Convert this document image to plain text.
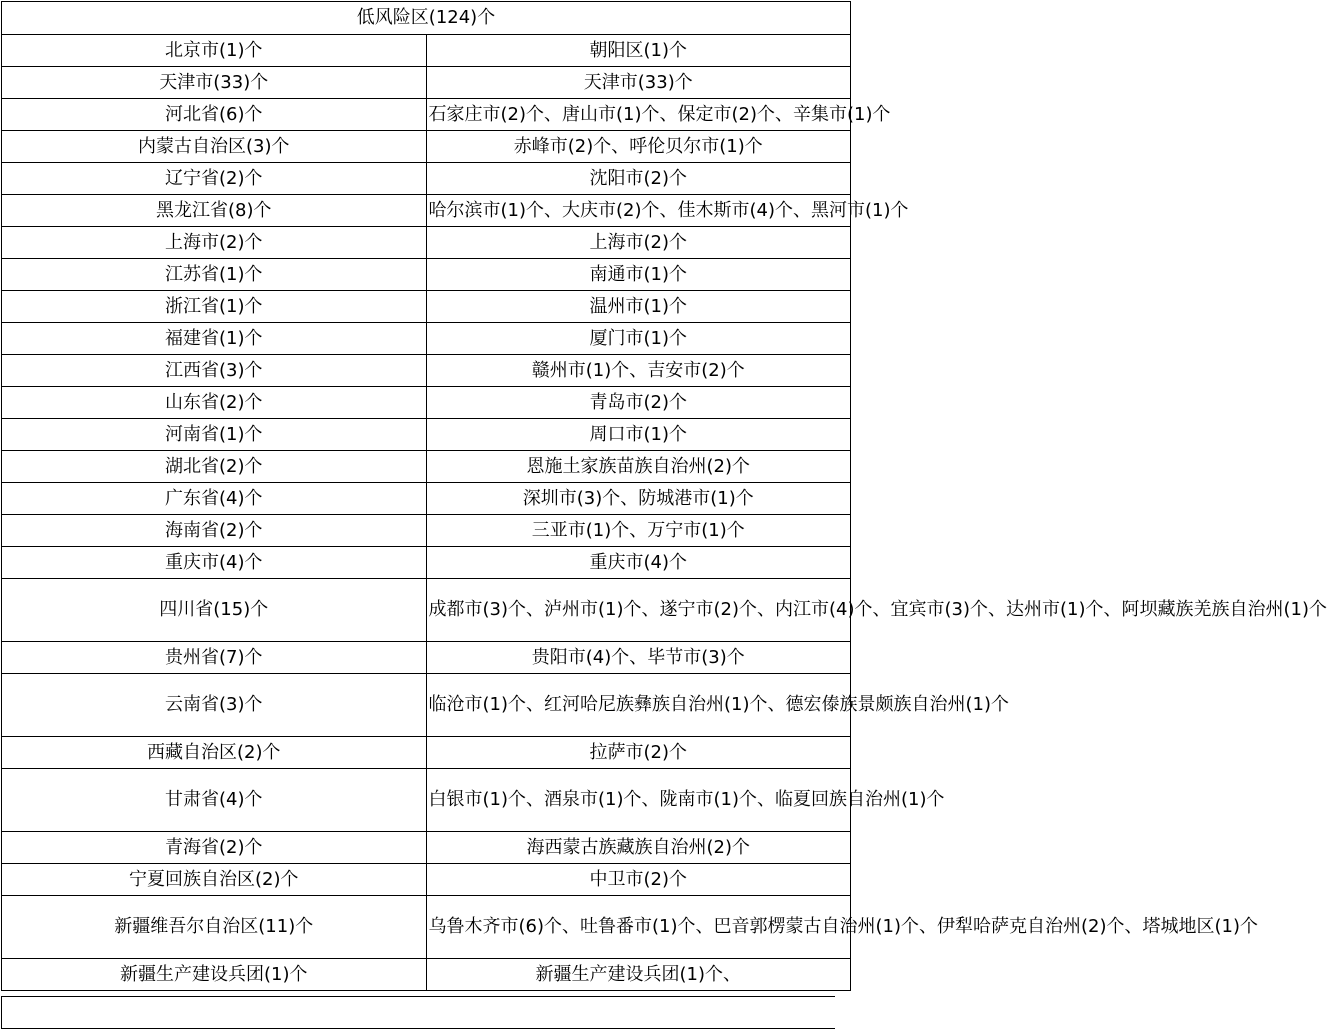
低风险区(124)个	
北京市(1)个	朝阳区(1)个
天津市(33)个	天津市(33)个
河北省(6)个	石家庄市(2)个、唐山市(1)个、保定市(2)个、辛集市(1)个
内蒙古自治区(3)个	赤峰市(2)个、呼伦贝尔市(1)个
辽宁省(2)个	沈阳市(2)个
黑龙江省(8)个	哈尔滨市(1)个、大庆市(2)个、佳木斯市(4)个、黑河市(1)个
上海市(2)个	上海市(2)个
江苏省(1)个	南通市(1)个
浙江省(1)个	温州市(1)个
福建省(1)个	厦门市(1)个
江西省(3)个	赣州市(1)个、吉安市(2)个
山东省(2)个	青岛市(2)个
河南省(1)个	周口市(1)个
湖北省(2)个	恩施土家族苗族自治州(2)个
广东省(4)个	深圳市(3)个、防城港市(1)个
海南省(2)个	三亚市(1)个、万宁市(1)个
重庆市(4)个	重庆市(4)个
四川省(15)个	成都市(3)个、泸州市(1)个、遂宁市(2)个、内江市(4)个、宜宾市(3)个、达州市(1)个、阿坝藏族羌族自治州(1)个
贵州省(7)个	贵阳市(4)个、毕节市(3)个
云南省(3)个	临沧市(1)个、红河哈尼族彝族自治州(1)个、德宏傣族景颇族自治州(1)个
西藏自治区(2)个	拉萨市(2)个
甘肃省(4)个	白银市(1)个、酒泉市(1)个、陇南市(1)个、临夏回族自治州(1)个
青海省(2)个	海西蒙古族藏族自治州(2)个
宁夏回族自治区(2)个	中卫市(2)个
新疆维吾尔自治区(11)个	乌鲁木齐市(6)个、吐鲁番市(1)个、巴音郭楞蒙古自治州(1)个、伊犁哈萨克自治州(2)个、塔城地区(1)个
新疆生产建设兵团(1)个	新疆生产建设兵团(1)个、
